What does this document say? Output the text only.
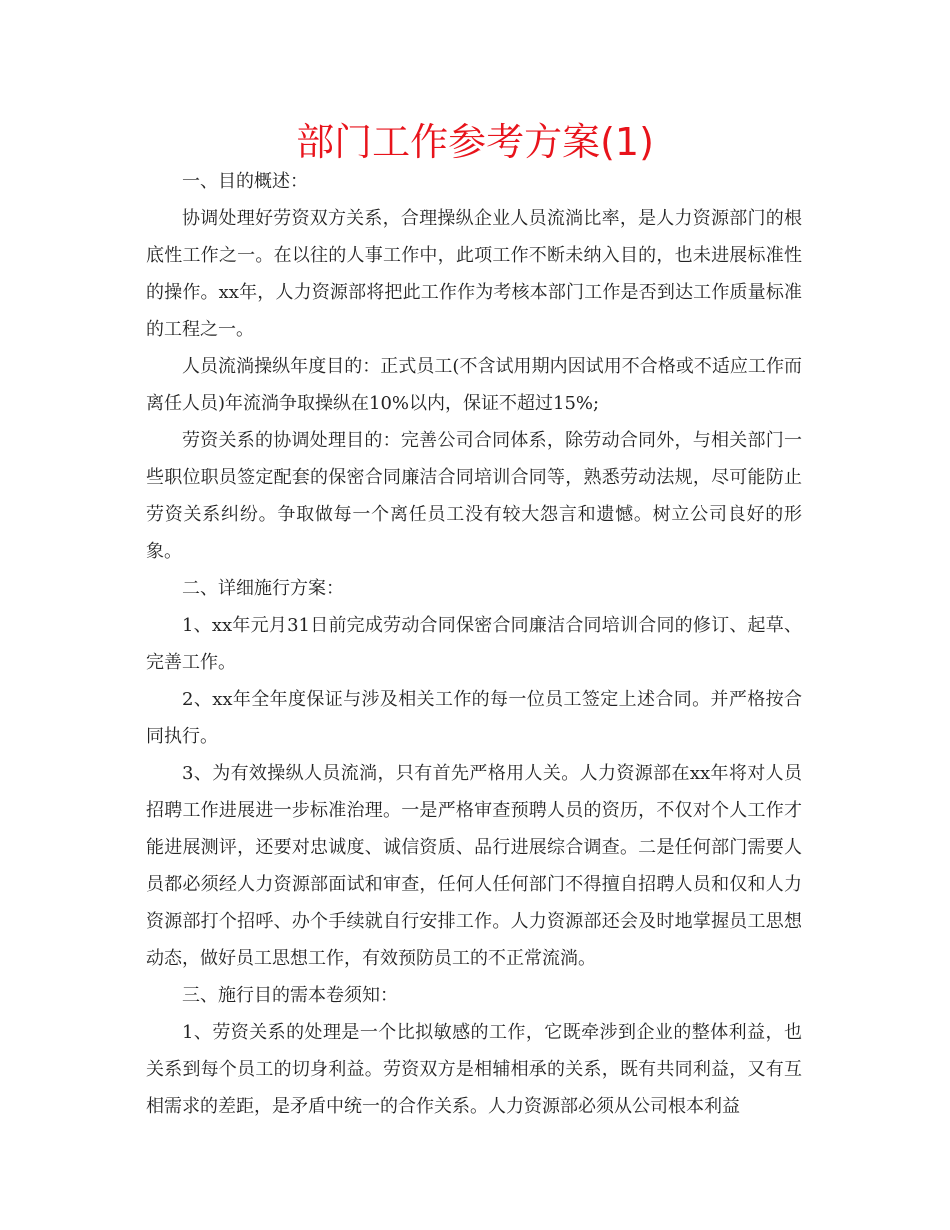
部门工作参考方案(1)

一、目的概述：

协调处理好劳资双方关系，合理操纵企业人员流淌比率，是人力资源部门的根底性工作之一。在以往的人事工作中，此项工作不断未纳入目的，也未进展标准性的操作。xx年，人力资源部将把此工作作为考核本部门工作是否到达工作质量标准的工程之一。

人员流淌操纵年度目的：正式员工(不含试用期内因试用不合格或不适应工作而离任人员)年流淌争取操纵在10%以内，保证不超过15%;

劳资关系的协调处理目的：完善公司合同体系，除劳动合同外，与相关部门一些职位职员签定配套的保密合同廉洁合同培训合同等，熟悉劳动法规，尽可能防止劳资关系纠纷。争取做每一个离任员工没有较大怨言和遗憾。树立公司良好的形象。

二、详细施行方案：

1、xx年元月31日前完成劳动合同保密合同廉洁合同培训合同的修订、起草、完善工作。

2、xx年全年度保证与涉及相关工作的每一位员工签定上述合同。并严格按合同执行。

3、为有效操纵人员流淌，只有首先严格用人关。人力资源部在xx年将对人员招聘工作进展进一步标准治理。一是严格审查预聘人员的资历，不仅对个人工作才能进展测评，还要对忠诚度、诚信资质、品行进展综合调查。二是任何部门需要人员都必须经人力资源部面试和审查，任何人任何部门不得擅自招聘人员和仅和人力资源部打个招呼、办个手续就自行安排工作。人力资源部还会及时地掌握员工思想动态，做好员工思想工作，有效预防员工的不正常流淌。

三、施行目的需本卷须知：

1、劳资关系的处理是一个比拟敏感的工作，它既牵涉到企业的整体利益，也关系到每个员工的切身利益。劳资双方是相辅相承的关系，既有共同利益，又有互相需求的差距，是矛盾中统一的合作关系。人力资源部必须从公司根本利益
